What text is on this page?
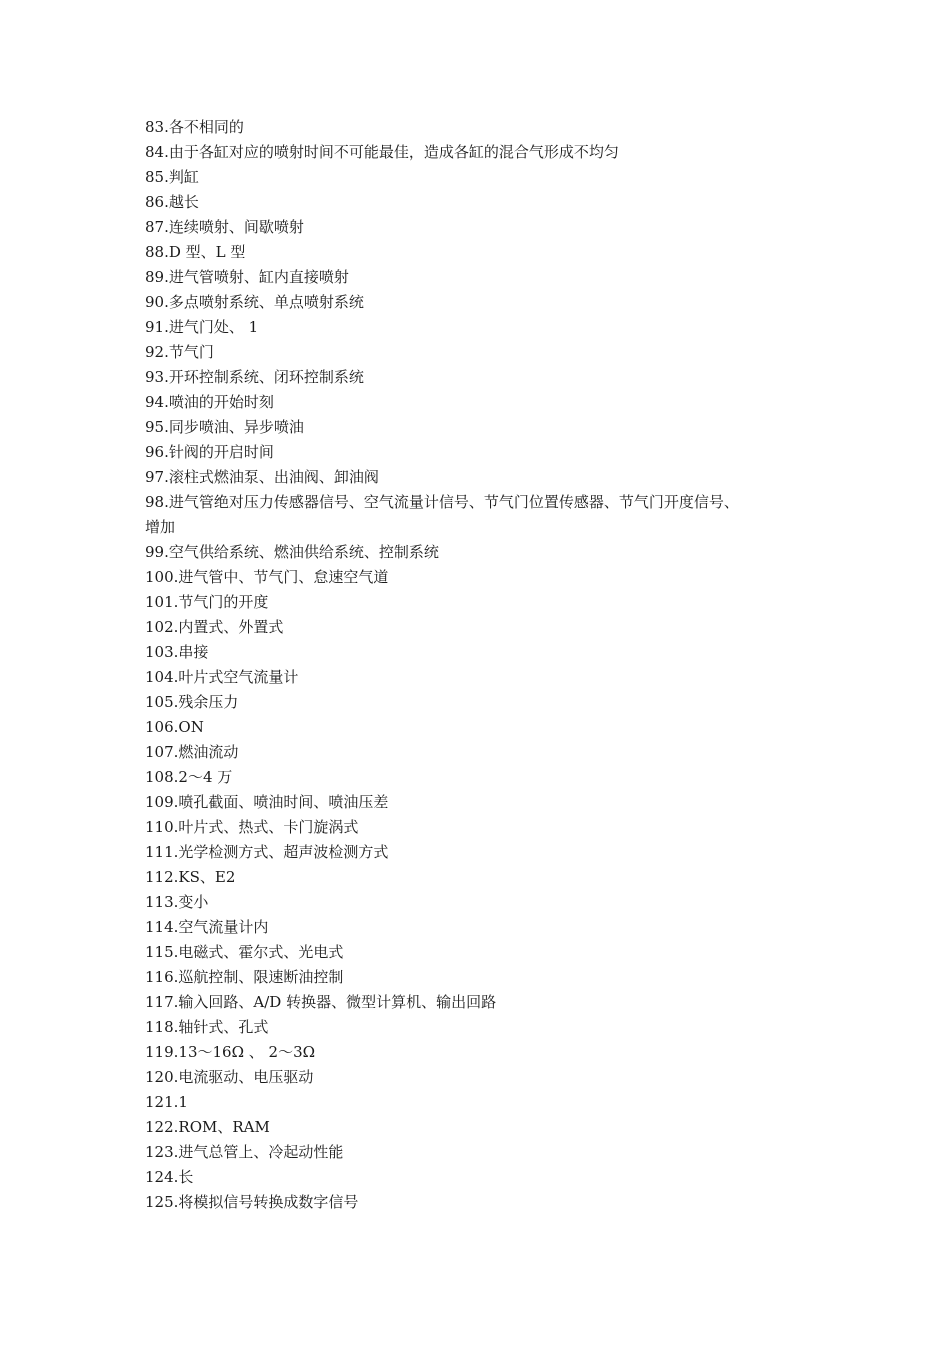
83.各不相同的
84.由于各缸对应的喷射时间不可能最佳，造成各缸的混合气形成不均匀
85.判缸
86.越长
87.连续喷射、间歇喷射
88.D 型、L 型
89.进气管喷射、缸内直接喷射
90.多点喷射系统、单点喷射系统
91.进气门处、 1
92.节气门
93.开环控制系统、闭环控制系统
94.喷油的开始时刻
95.同步喷油、异步喷油
96.针阀的开启时间
97.滚柱式燃油泵、出油阀、卸油阀
98.进气管绝对压力传感器信号、空气流量计信号、节气门位置传感器、节气门开度信号、
增加
99.空气供给系统、燃油供给系统、控制系统
100.进气管中、节气门、怠速空气道
101.节气门的开度
102.内置式、外置式
103.串接
104.叶片式空气流量计
105.残余压力
106.ON
107.燃油流动
108.2～4 万
109.喷孔截面、喷油时间、喷油压差
110.叶片式、热式、卡门旋涡式
111.光学检测方式、超声波检测方式
112.KS、E2
113.变小
114.空气流量计内
115.电磁式、霍尔式、光电式
116.巡航控制、限速断油控制
117.输入回路、A/D 转换器、微型计算机、输出回路
118.轴针式、孔式
119.13～16Ω 、 2～3Ω
120.电流驱动、电压驱动
121.1
122.ROM、RAM
123.进气总管上、冷起动性能
124.长
125.将模拟信号转换成数字信号
